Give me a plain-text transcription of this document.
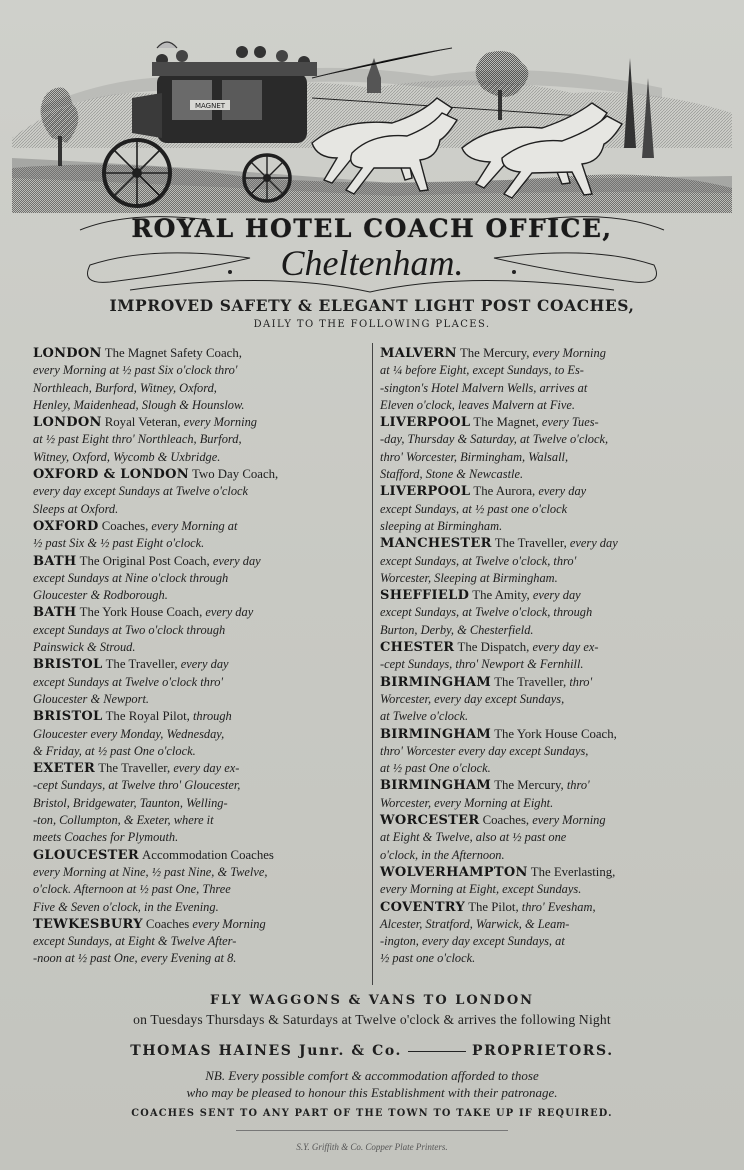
MAGNET
ROYAL HOTEL COACH OFFICE,
Cheltenham.
IMPROVED SAFETY & ELEGANT LIGHT POST COACHES,
DAILY TO THE FOLLOWING PLACES.
LONDON The Magnet Safety Coach,
every Morning at ½ past Six o'clock thro'
Northleach, Burford, Witney, Oxford,
Henley, Maidenhead, Slough & Hounslow.
LONDON Royal Veteran, every Morning
at ½ past Eight thro' Northleach, Burford,
Witney, Oxford, Wycomb & Uxbridge.
OXFORD & LONDON Two Day Coach,
every day except Sundays at Twelve o'clock
Sleeps at Oxford.
OXFORD Coaches, every Morning at
½ past Six & ½ past Eight o'clock.
BATH The Original Post Coach, every day
except Sundays at Nine o'clock through
Gloucester & Rodborough.
BATH The York House Coach, every day
except Sundays at Two o'clock through
Painswick & Stroud.
BRISTOL The Traveller, every day
except Sundays at Twelve o'clock thro'
Gloucester & Newport.
BRISTOL The Royal Pilot, through
Gloucester every Monday, Wednesday,
& Friday, at ½ past One o'clock.
EXETER The Traveller, every day ex-
-cept Sundays, at Twelve thro' Gloucester,
Bristol, Bridgewater, Taunton, Welling-
-ton, Collumpton, & Exeter, where it
meets Coaches for Plymouth.
GLOUCESTER Accommodation Coaches
every Morning at Nine, ½ past Nine, & Twelve,
o'clock. Afternoon at ½ past One, Three
Five & Seven o'clock, in the Evening.
TEWKESBURY Coaches every Morning
except Sundays, at Eight & Twelve After-
-noon at ½ past One, every Evening at 8.
MALVERN The Mercury, every Morning
at ¼ before Eight, except Sundays, to Es-
-sington's Hotel Malvern Wells, arrives at
Eleven o'clock, leaves Malvern at Five.
LIVERPOOL The Magnet, every Tues-
-day, Thursday & Saturday, at Twelve o'clock,
thro' Worcester, Birmingham, Walsall,
Stafford, Stone & Newcastle.
LIVERPOOL The Aurora, every day
except Sundays, at ½ past one o'clock
sleeping at Birmingham.
MANCHESTER The Traveller, every day
except Sundays, at Twelve o'clock, thro'
Worcester, Sleeping at Birmingham.
SHEFFIELD The Amity, every day
except Sundays, at Twelve o'clock, through
Burton, Derby, & Chesterfield.
CHESTER The Dispatch, every day ex-
-cept Sundays, thro' Newport & Fernhill.
BIRMINGHAM The Traveller, thro'
Worcester, every day except Sundays,
at Twelve o'clock.
BIRMINGHAM The York House Coach,
thro' Worcester every day except Sundays,
at ½ past One o'clock.
BIRMINGHAM The Mercury, thro'
Worcester, every Morning at Eight.
WORCESTER Coaches, every Morning
at Eight & Twelve, also at ½ past one
o'clock, in the Afternoon.
WOLVERHAMPTON The Everlasting,
every Morning at Eight, except Sundays.
COVENTRY The Pilot, thro' Evesham,
Alcester, Stratford, Warwick, & Leam-
-ington, every day except Sundays, at
½ past one o'clock.
FLY WAGGONS & VANS TO LONDON
on Tuesdays Thursdays & Saturdays at Twelve o'clock & arrives the following Night
THOMAS HAINES Junr. & Co.	PROPRIETORS.
NB. Every possible comfort & accommodation afforded to those
who may be pleased to honour this Establishment with their patronage.
COACHES SENT TO ANY PART OF THE TOWN TO TAKE UP IF REQUIRED.
S.Y. Griffith & Co. Copper Plate Printers.
